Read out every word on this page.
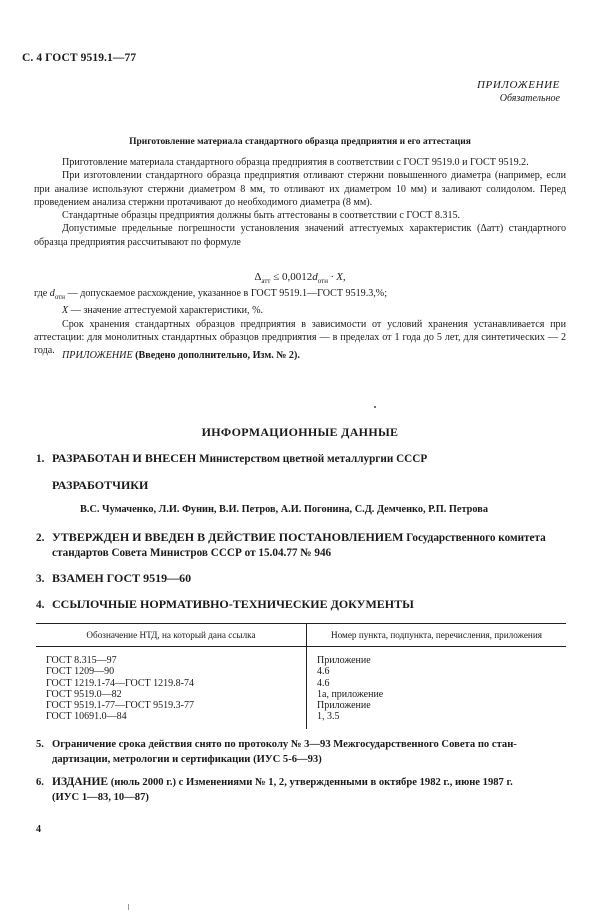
С. 4 ГОСТ 9519.1—77
ПРИЛОЖЕНИЕ
Обязательное
Приготовление материала стандартного образца предприятия и его аттестация

Приготовление материала стандартного образца предприятия в соответствии с ГОСТ 9519.0 и ГОСТ 9519.2.

При изготовлении стандартного образца предприятия отливают стержни повышенного диаметра (например, если при анализе используют стержни диаметром 8 мм, то отливают их диаметром 10 мм) и заливают солидолом. Перед проведением анализа стержни протачивают до необходимого диаметра (8 мм).

Стандартные образцы предприятия должны быть аттестованы в соответствии с ГОСТ 8.315.

Допустимые предельные погрешности установления значений аттестуемых характеристик (Δатт) стандартного образца предприятия рассчитывают по формуле

$\Delta_{атт} \le 0,0012d_{отн} \cdot X$,

где $d_{отн}$ — допускаемое расхождение, указанное в ГОСТ 9519.1—ГОСТ 9519.3,%;

X — значение аттестуемой характеристики, %.

Срок хранения стандартных образцов предприятия в зависимости от условий хранения устанавливается при аттестации: для монолитных стандартных образцов предприятия — в пределах от 1 года до 5 лет, для синтетических — 2 года. ПРИЛОЖЕНИЕ (Введено дополнительно, Изм. № 2).
ИНФОРМАЦИОННЫЕ ДАННЫЕ
1. РАЗРАБОТАН И ВНЕСЕН Министерством цветной металлургии СССР
РАЗРАБОТЧИКИ
В.С. Чумаченко, Л.И. Фунин, В.И. Петров, А.И. Погонина, С.Д. Демченко, Р.П. Петрова
2. УТВЕРЖДЕН И ВВЕДЕН В ДЕЙСТВИЕ ПОСТАНОВЛЕНИЕМ Государственного комитета
стандартов Совета Министров СССР от 15.04.77 № 946
3. ВЗАМЕН ГОСТ 9519—60
4. ССЫЛОЧНЫЕ НОРМАТИВНО-ТЕХНИЧЕСКИЕ ДОКУМЕНТЫ
Обозначение НТД, на который дана ссылка	Номер пункта, подпункта, перечисления, приложения
ГОСТ 8.315—97	Приложение
ГОСТ 1209—90	4.6
ГОСТ 1219.1-74—ГОСТ 1219.8-74	4.6
ГОСТ 9519.0—82	1а, приложение
ГОСТ 9519.1-77—ГОСТ 9519.3-77	Приложение
ГОСТ 10691.0—84	1, 3.5
5. Ограничение срока действия снято по протоколу № 3—93 Межгосударственного Совета по стан-
дартизации, метрологии и сертификации (ИУС 5-6—93)
6. ИЗДАНИЕ (июль 2000 г.) с Изменениями № 1, 2, утвержденными в октябре 1982 г., июне 1987 г.
(ИУС 1—83, 10—87)
4
